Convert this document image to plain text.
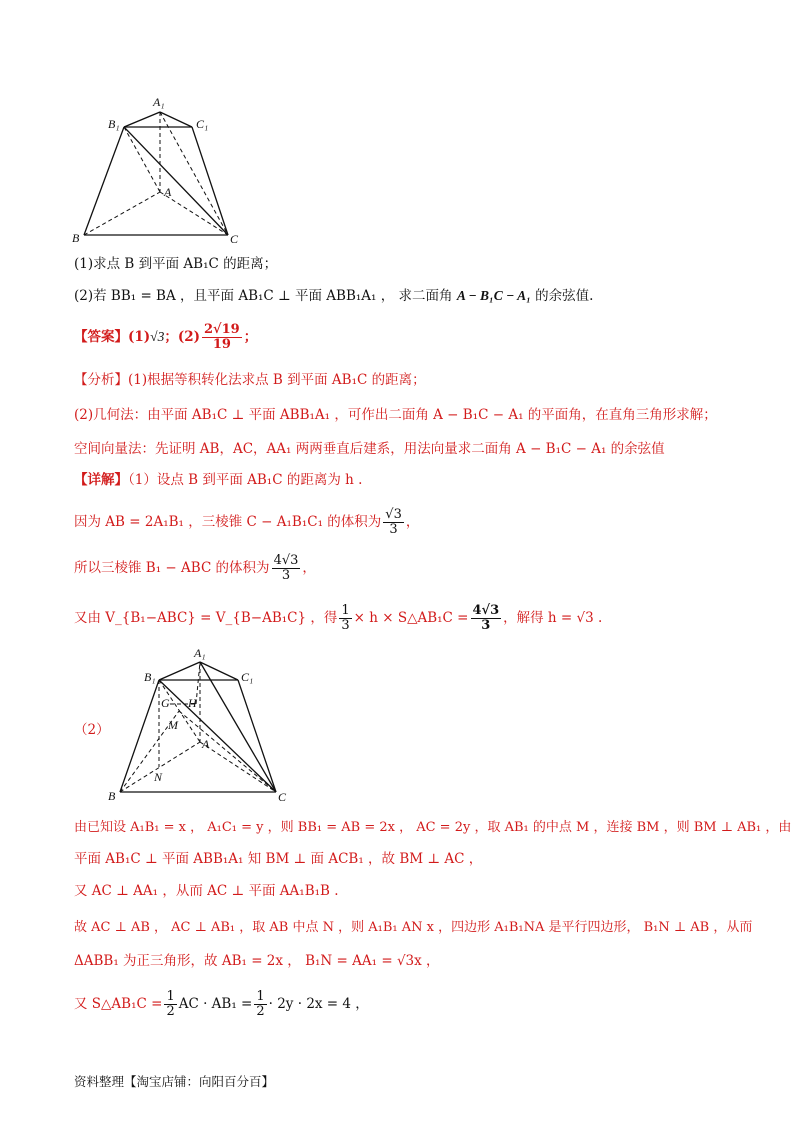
A₁
B₁	C₁
A
B	C
(1)求点 B 到平面 AB₁C 的距离；
(2)若 BB₁ = BA ，且平面 AB₁C ⊥ 平面 ABB₁A₁ ， 求二面角 A − B₁C − A₁ 的余弦值.
【答案】(1)√3；$(2) \frac{2√19}{19}$ ；
【分析】(1)根据等积转化法求点 B 到平面 AB₁C 的距离；
(2)几何法：由平面 AB₁C ⊥ 平面 ABB₁A₁ ，可作出二面角 A − B₁C − A₁ 的平面角，在直角三角形求解；
空间向量法：先证明 AB，AC，AA₁ 两两垂直后建系，用法向量求二面角 A − B₁C − A₁ 的余弦值
【详解】（1）设点 B 到平面 AB₁C 的距离为 h .
因为 AB = 2A₁B₁ ，三棱锥 C − A₁B₁C₁ 的体积为 $\frac{√3}{3}$ ，
所以三棱锥 B₁ − ABC 的体积为 $\frac{4√3}{3}$ ，
又由 V_{B₁−ABC} = V_{B−AB₁C} ，得 $\frac{1}{3} \times h$ × S△AB₁C = $\frac{4√3}{3}$ ，解得 h = √3 .
（2）
A₁
B₁	C₁
G H
M
A
N
B	C
由已知设 A₁B₁ = x ， A₁C₁ = y ，则 BB₁ = AB = 2x ， AC = 2y ，取 AB₁ 的中点 M ，连接 BM ，则 BM ⊥ AB₁ ，由
平面 AB₁C ⊥ 平面 ABB₁A₁ 知 BM ⊥ 面 ACB₁ ，故 BM ⊥ AC ，
又 AC ⊥ AA₁ ，从而 AC ⊥ 平面 AA₁B₁B .
故 AC ⊥ AB ， AC ⊥ AB₁ ，取 AB 中点 N ，则 A₁B₁ AN x ，四边形 A₁B₁NA 是平行四边形， B₁N ⊥ AB ，从而
ΔABB₁ 为正三角形，故 AB₁ = 2x ， B₁N = AA₁ = √3x ，
又 S△AB₁C = $\frac{1}{2}$ AC · $AB_1 = \frac{1}{2} \cdot 2y \cdot 2x = 4$ ，
资料整理【淘宝店铺：向阳百分百】
